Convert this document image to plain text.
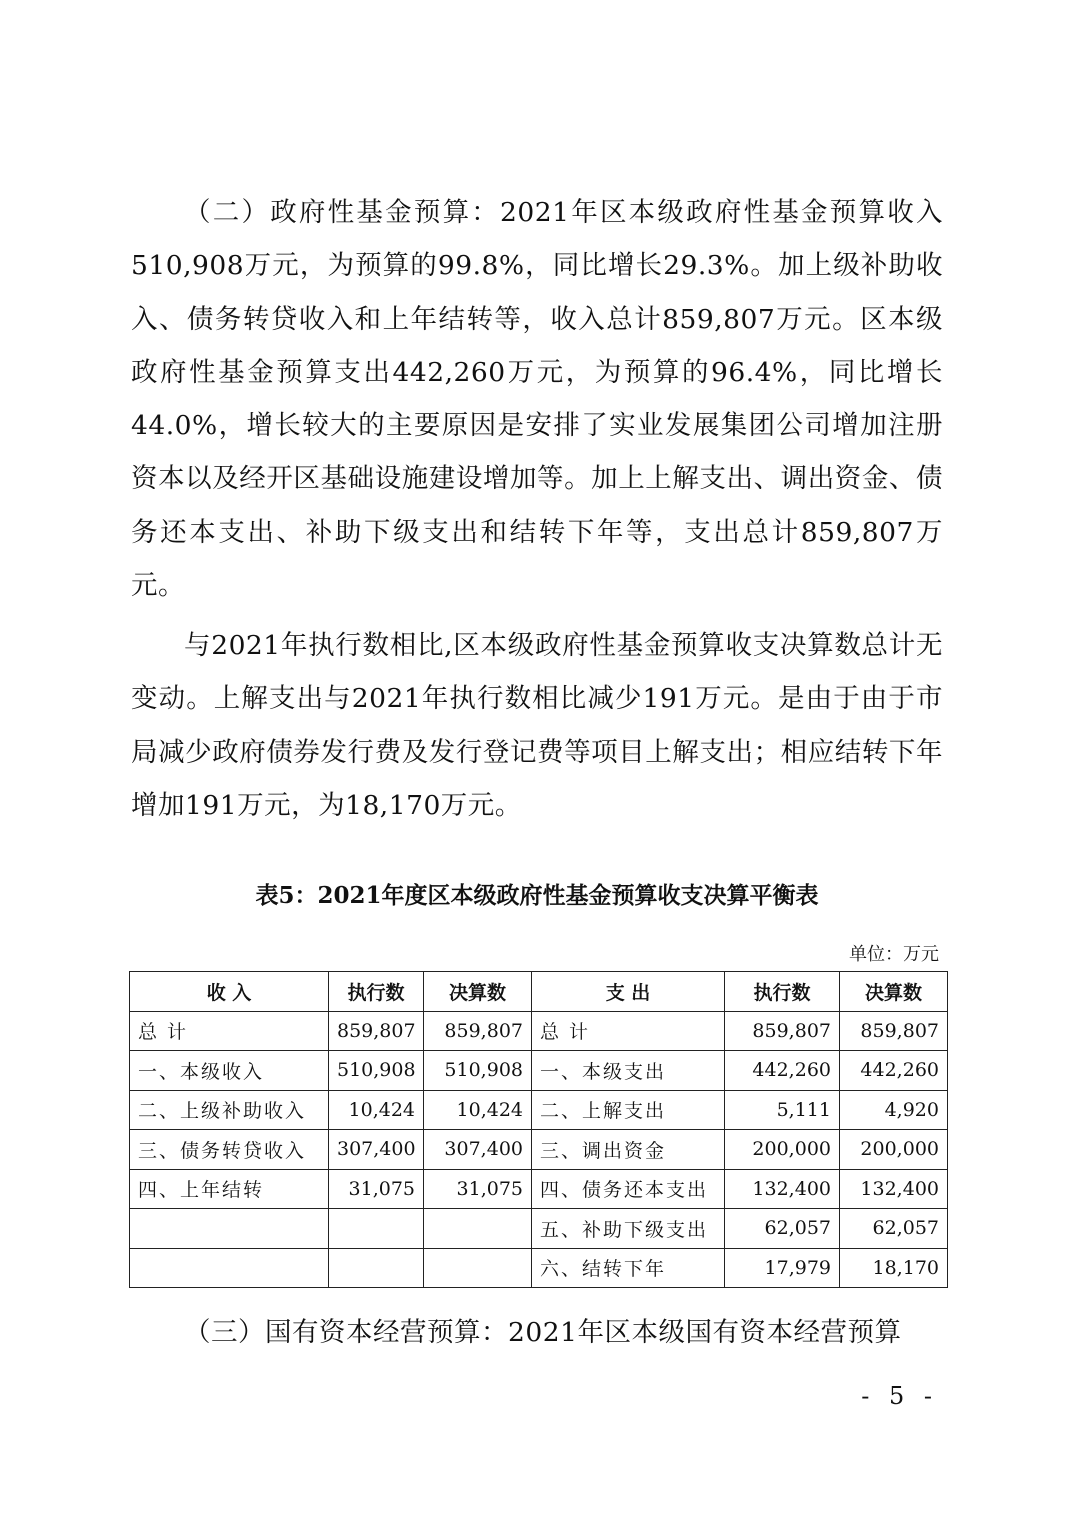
（二）政府性基金预算：2021年区本级政府性基金预算收入510,908万元，为预算的99.8%，同比增长29.3%。加上级补助收入、债务转贷收入和上年结转等，收入总计859,807万元。区本级政府性基金预算支出442,260万元，为预算的96.4%，同比增长44.0%，增长较大的主要原因是安排了实业发展集团公司增加注册资本以及经开区基础设施建设增加等。加上上解支出、调出资金、债务还本支出、补助下级支出和结转下年等，支出总计859,807万元。

与2021年执行数相比,区本级政府性基金预算收支决算数总计无变动。上解支出与2021年执行数相比减少191万元。是由于由于市局减少政府债券发行费及发行登记费等项目上解支出；相应结转下年增加191万元，为18,170万元。

表5：2021年度区本级政府性基金预算收支决算平衡表

单位：万元

收 入	执行数	决算数	支 出	执行数	决算数
总 计	859,807	859,807	总 计	859,807	859,807
一、本级收入	510,908	510,908	一、本级支出	442,260	442,260
二、上级补助收入	10,424	10,424	二、上解支出	5,111	4,920
三、债务转贷收入	307,400	307,400	三、调出资金	200,000	200,000
四、上年结转	31,075	31,075	四、债务还本支出	132,400	132,400
			五、补助下级支出	62,057	62,057
			六、结转下年	17,979	18,170

（三）国有资本经营预算：2021年区本级国有资本经营预算

- 5 -
